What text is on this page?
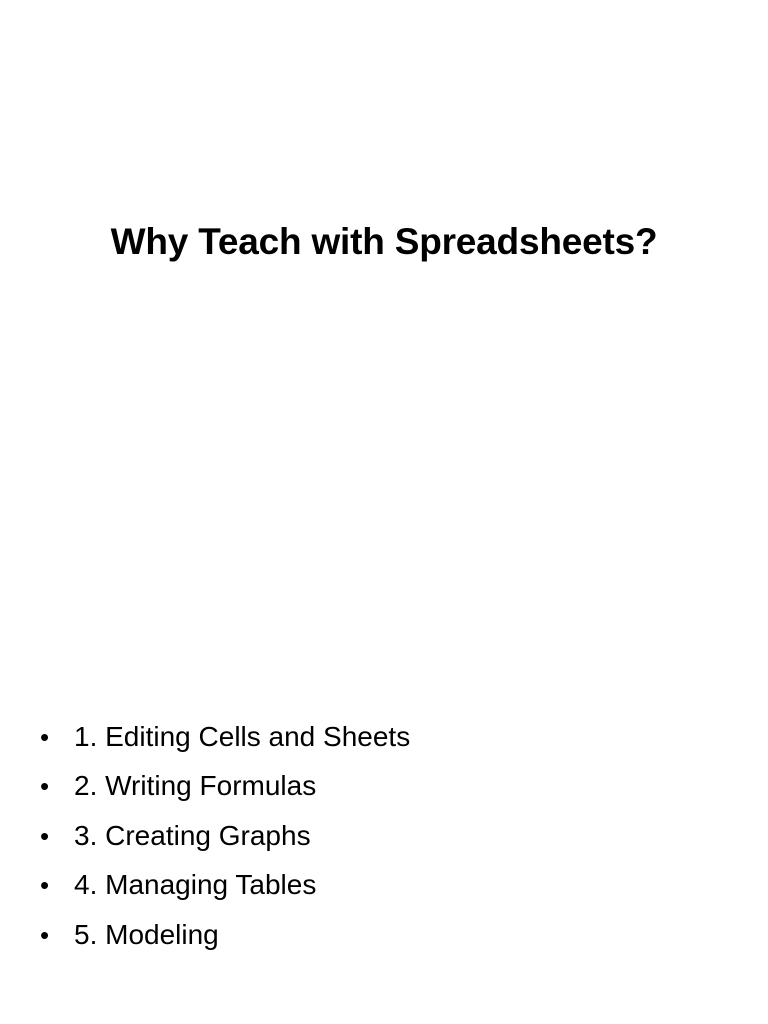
Why Teach with Spreadsheets?
• 1. Editing Cells and Sheets
• 2. Writing Formulas
• 3. Creating Graphs
• 4. Managing Tables
• 5. Modeling
